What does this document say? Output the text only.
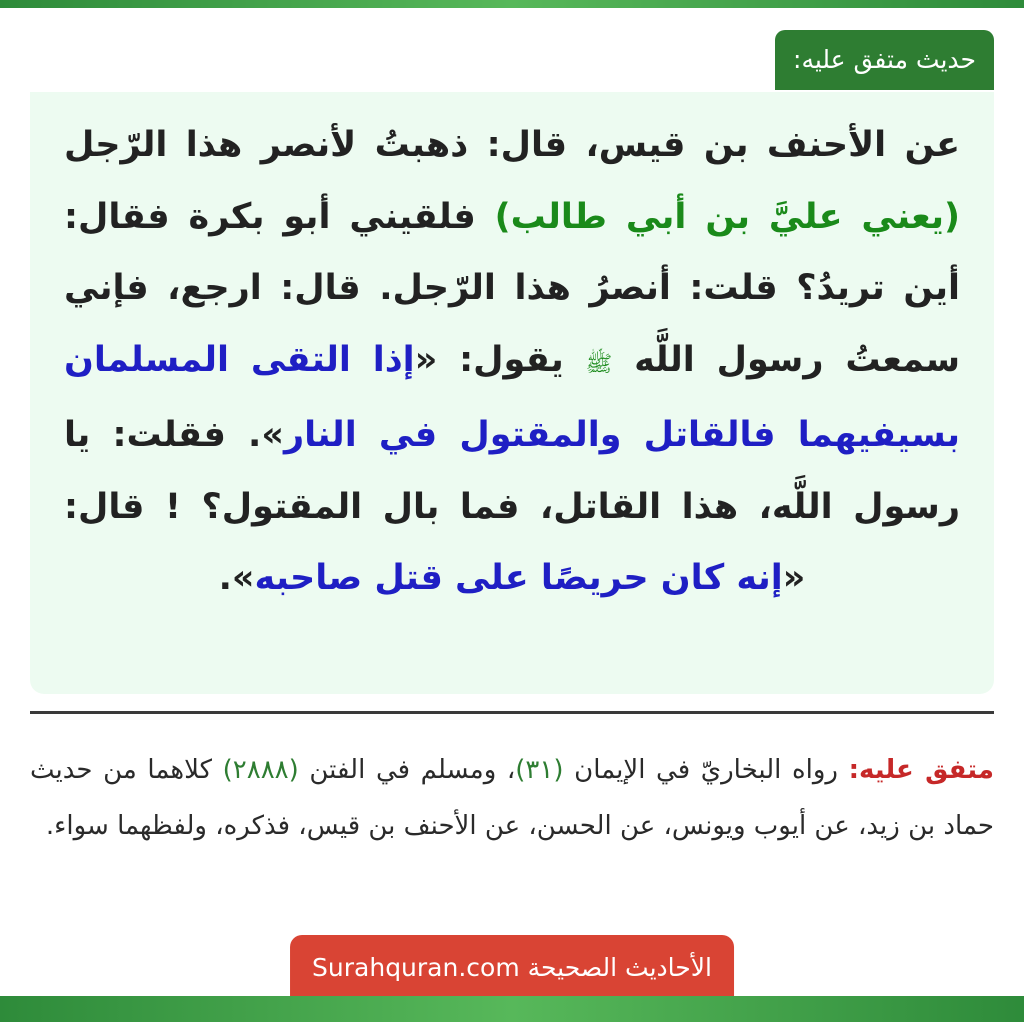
حديث متفق عليه:
عن الأحنف بن قيس، قال: ذهبتُ لأنصر هذا الرّجل (يعني عليَّ بن أبي طالب) فلقيني أبو بكرة فقال: أين تريدُ؟ قلت: أنصرُ هذا الرّجل. قال: ارجع، فإني سمعتُ رسول اللَّه ﷺ يقول: «إذا التقى المسلمان بسيفيهما فالقاتل والمقتول في النار». فقلت: يا رسول اللَّه، هذا القاتل، فما بال المقتول؟ ! قال: «إنه كان حريصًا على قتل صاحبه».
متفق عليه: رواه البخاريّ في الإيمان (٣١)، ومسلم في الفتن (٢٨٨٨) كلاهما من حديث حماد بن زيد، عن أيوب ويونس، عن الحسن، عن الأحنف بن قيس، فذكره، ولفظهما سواء.
الأحاديث الصحيحة Surahquran.com
